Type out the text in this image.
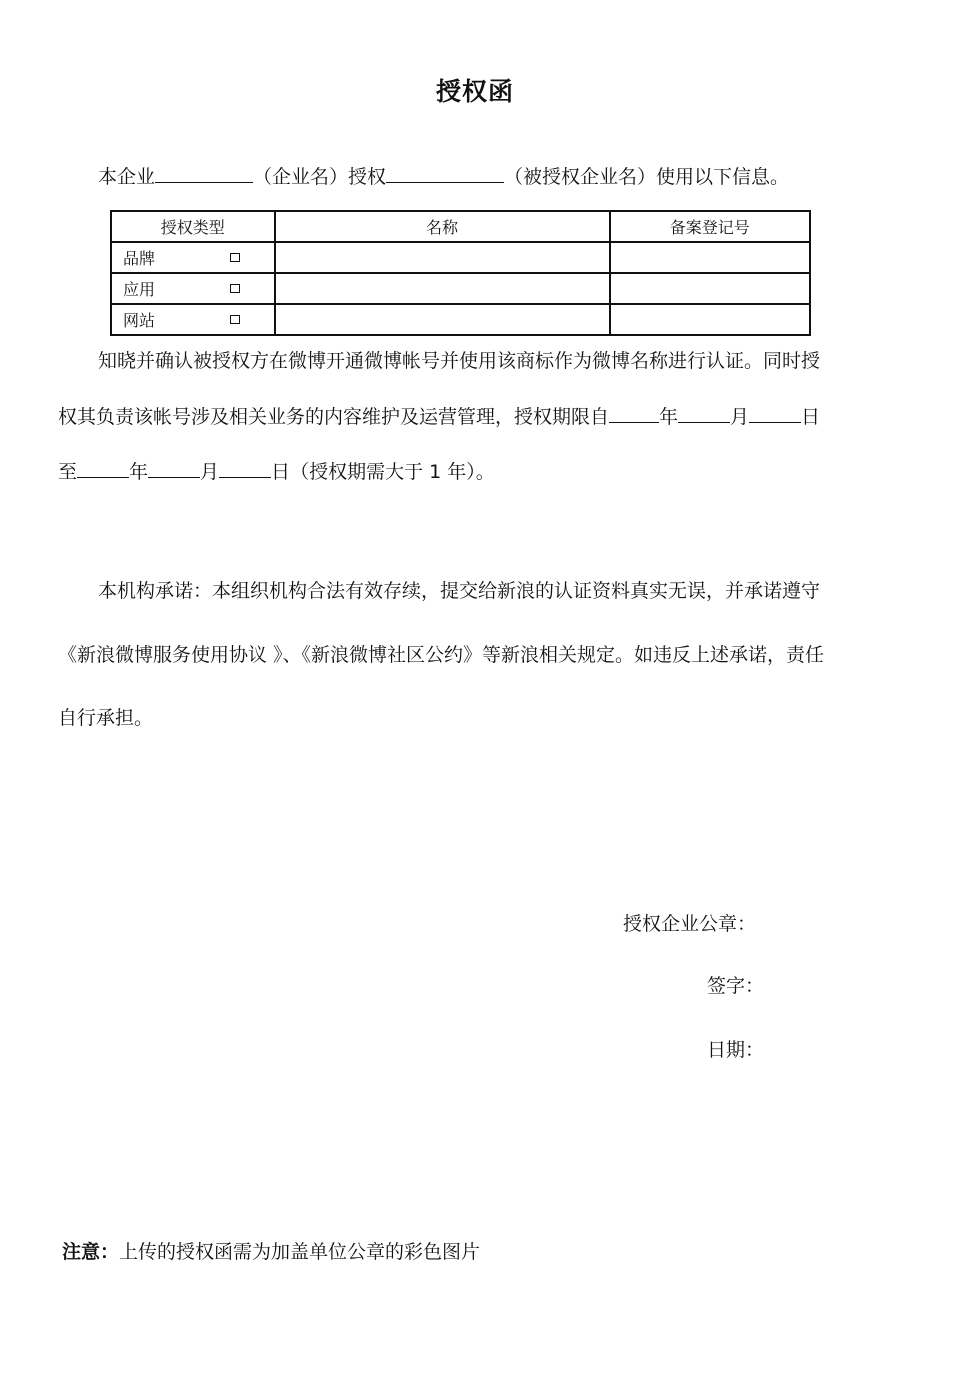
授权函
本企业	（企业名）授权	（被授权企业名）使用以下信息。
授权类型	名称	备案登记号
品牌

应用

网站

知晓并确认被授权方在微博开通微博帐号并使用该商标作为微博名称进行认证。同时授
权其负责该帐号涉及相关业务的内容维护及运营管理，授权期限自	年	月	日
至	年	月	日（授权期需大于 1 年）。
本机构承诺：本组织机构合法有效存续，提交给新浪的认证资料真实无误，并承诺遵守
《新浪微博服务使用协议 》、《新浪微博社区公约》等新浪相关规定。如违反上述承诺，责任
自行承担。
授权企业公章：
签字：
日期：
注意：上传的授权函需为加盖单位公章的彩色图片
